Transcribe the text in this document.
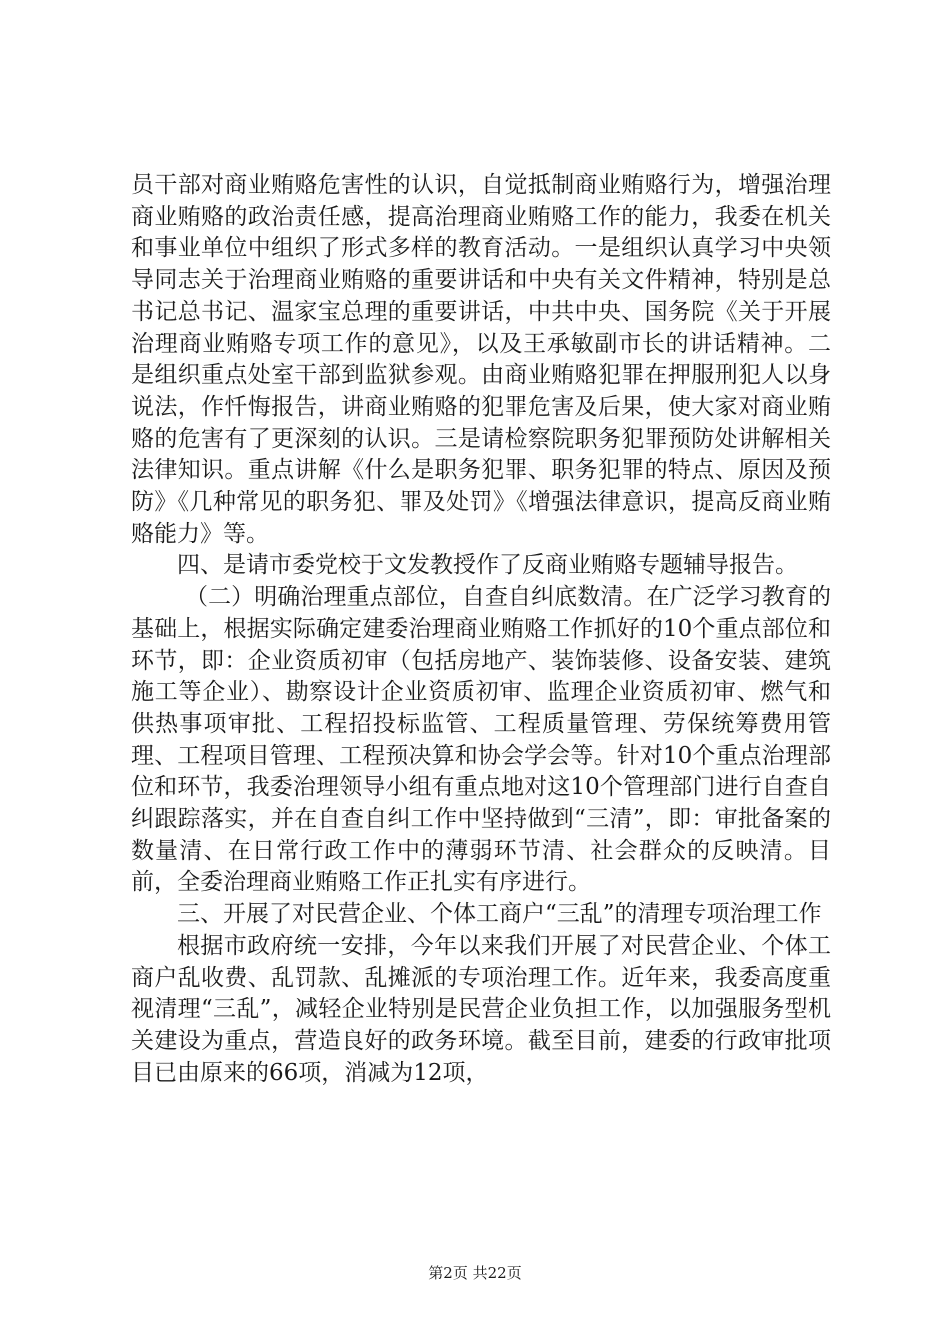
员干部对商业贿赂危害性的认识，自觉抵制商业贿赂行为，增强治理商业贿赂的政治责任感，提高治理商业贿赂工作的能力，我委在机关和事业单位中组织了形式多样的教育活动。一是组织认真学习中央领导同志关于治理商业贿赂的重要讲话和中央有关文件精神，特别是总书记总书记、温家宝总理的重要讲话，中共中央、国务院《关于开展治理商业贿赂专项工作的意见》，以及王承敏副市长的讲话精神。二是组织重点处室干部到监狱参观。由商业贿赂犯罪在押服刑犯人以身说法，作忏悔报告，讲商业贿赂的犯罪危害及后果，使大家对商业贿赂的危害有了更深刻的认识。三是请检察院职务犯罪预防处讲解相关法律知识。重点讲解《什么是职务犯罪、职务犯罪的特点、原因及预防》《几种常见的职务犯、罪及处罚》《增强法律意识，提高反商业贿赂能力》等。

四、是请市委党校于文发教授作了反商业贿赂专题辅导报告。

（二）明确治理重点部位，自查自纠底数清。在广泛学习教育的基础上，根据实际确定建委治理商业贿赂工作抓好的10个重点部位和环节，即：企业资质初审（包括房地产、装饰装修、设备安装、建筑施工等企业）、勘察设计企业资质初审、监理企业资质初审、燃气和供热事项审批、工程招投标监管、工程质量管理、劳保统筹费用管理、工程项目管理、工程预决算和协会学会等。针对10个重点治理部位和环节，我委治理领导小组有重点地对这10个管理部门进行自查自纠跟踪落实，并在自查自纠工作中坚持做到“三清”，即：审批备案的数量清、在日常行政工作中的薄弱环节清、社会群众的反映清。目前，全委治理商业贿赂工作正扎实有序进行。

三、开展了对民营企业、个体工商户“三乱”的清理专项治理工作

根据市政府统一安排，今年以来我们开展了对民营企业、个体工商户乱收费、乱罚款、乱摊派的专项治理工作。近年来，我委高度重视清理“三乱”，减轻企业特别是民营企业负担工作，以加强服务型机关建设为重点，营造良好的政务环境。截至目前，建委的行政审批项目已由原来的66项，消减为12项，

第2页 共22页
